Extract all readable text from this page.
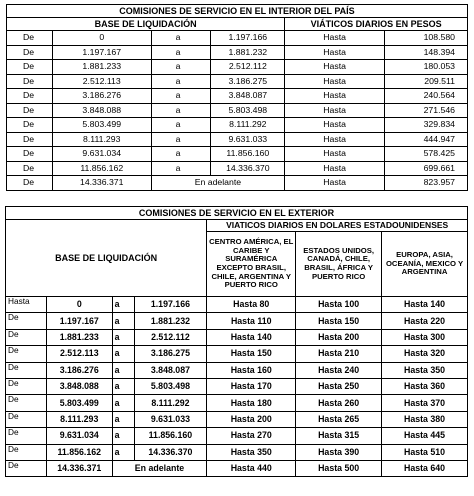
COMISIONES DE SERVICIO EN EL INTERIOR DEL PAÍS					
BASE DE LIQUIDACIÓN				VIÁTICOS DIARIOS EN PESOS	
De	0	a	1.197.166	Hasta	108.580
De	1.197.167	a	1.881.232	Hasta	148.394
De	1.881.233	a	2.512.112	Hasta	180.053
De	2.512.113	a	3.186.275	Hasta	209.511
De	3.186.276	a	3.848.087	Hasta	240.564
De	3.848.088	a	5.803.498	Hasta	271.546
De	5.803.499	a	8.111.292	Hasta	329.834
De	8.111.293	a	9.631.033	Hasta	444.947
De	9.631.034	a	11.856.160	Hasta	578.425
De	11.856.162	a	14.336.370	Hasta	699.661
De	14.336.371	En adelante		Hasta	823.957
COMISIONES DE SERVICIO EN EL EXTERIOR						
BASE DE LIQUIDACIÓN				VIATICOS DIARIOS EN DOLARES ESTADOUNIDENSES		
				CENTRO AMÉRICA, EL CARIBE Y SURAMÉRICA EXCEPTO BRASIL, CHILE, ARGENTINA Y PUERTO RICO	ESTADOS UNIDOS, CANADÁ, CHILE, BRASIL, ÁFRICA Y PUERTO RICO	EUROPA, ASIA, OCEANÍA, MEXICO Y ARGENTINA
Hasta	0	a	1.197.166	Hasta 80	Hasta 100	Hasta 140
De	1.197.167	a	1.881.232	Hasta 110	Hasta 150	Hasta 220
De	1.881.233	a	2.512.112	Hasta 140	Hasta 200	Hasta 300
De	2.512.113	a	3.186.275	Hasta 150	Hasta 210	Hasta 320
De	3.186.276	a	3.848.087	Hasta 160	Hasta 240	Hasta 350
De	3.848.088	a	5.803.498	Hasta 170	Hasta 250	Hasta 360
De	5.803.499	a	8.111.292	Hasta 180	Hasta 260	Hasta 370
De	8.111.293	a	9.631.033	Hasta 200	Hasta 265	Hasta 380
De	9.631.034	a	11.856.160	Hasta 270	Hasta 315	Hasta 445
De	11.856.162	a	14.336.370	Hasta 350	Hasta 390	Hasta 510
De	14.336.371	En adelante		Hasta 440	Hasta 500	Hasta 640
